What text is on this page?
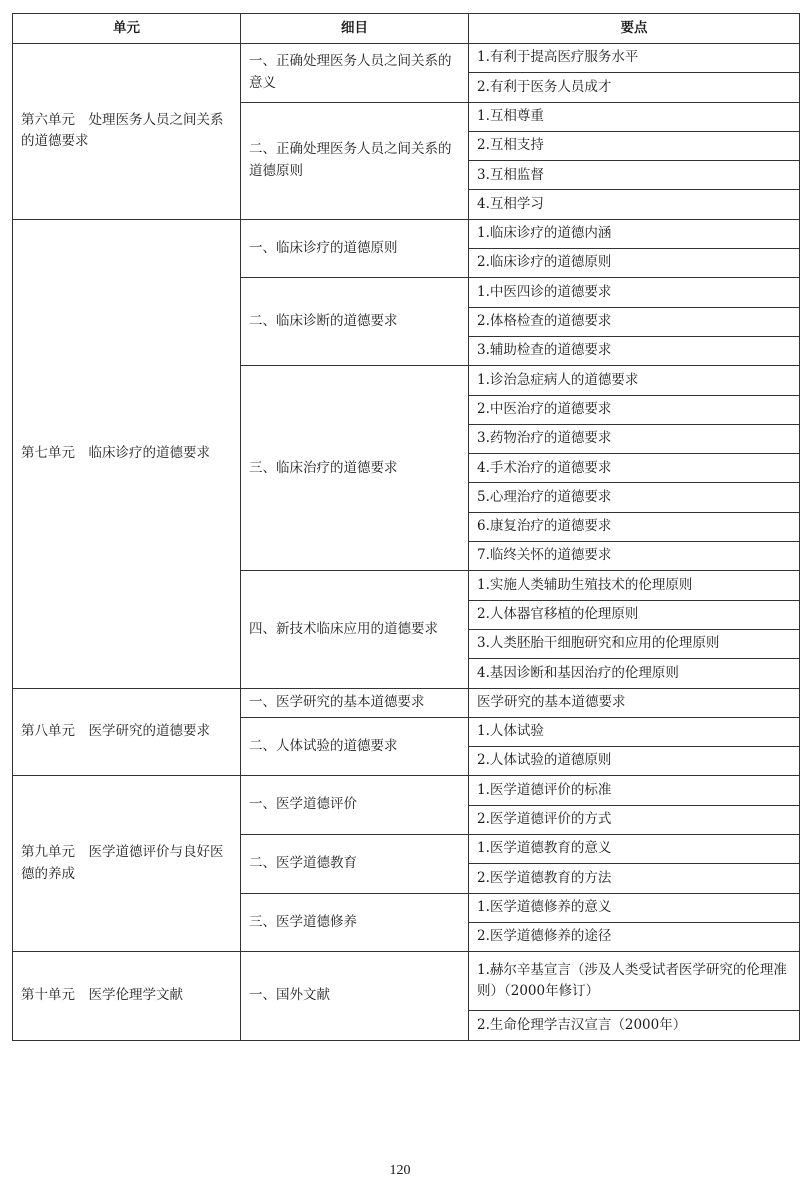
单元	细目	要点
第六单元　处理医务人员之间关系的道德要求	一、正确处理医务人员之间关系的意义	1.有利于提高医疗服务水平
		2.有利于医务人员成才
	二、正确处理医务人员之间关系的道德原则	1.互相尊重
		2.互相支持
		3.互相监督
		4.互相学习
第七单元　临床诊疗的道德要求	一、临床诊疗的道德原则	1.临床诊疗的道德内涵
		2.临床诊疗的道德原则
	二、临床诊断的道德要求	1.中医四诊的道德要求
		2.体格检查的道德要求
		3.辅助检查的道德要求
	三、临床治疗的道德要求	1.诊治急症病人的道德要求
		2.中医治疗的道德要求
		3.药物治疗的道德要求
		4.手术治疗的道德要求
		5.心理治疗的道德要求
		6.康复治疗的道德要求
		7.临终关怀的道德要求
	四、新技术临床应用的道德要求	1.实施人类辅助生殖技术的伦理原则
		2.人体器官移植的伦理原则
		3.人类胚胎干细胞研究和应用的伦理原则
		4.基因诊断和基因治疗的伦理原则
第八单元　医学研究的道德要求	一、医学研究的基本道德要求	医学研究的基本道德要求
	二、人体试验的道德要求	1.人体试验
		2.人体试验的道德原则
第九单元　医学道德评价与良好医德的养成	一、医学道德评价	1.医学道德评价的标准
		2.医学道德评价的方式
	二、医学道德教育	1.医学道德教育的意义
		2.医学道德教育的方法
	三、医学道德修养	1.医学道德修养的意义
		2.医学道德修养的途径
第十单元　医学伦理学文献	一、国外文献	1.赫尔辛基宣言（涉及人类受试者医学研究的伦理准则）（2000年修订）
		2.生命伦理学吉汉宣言（2000年）
120
